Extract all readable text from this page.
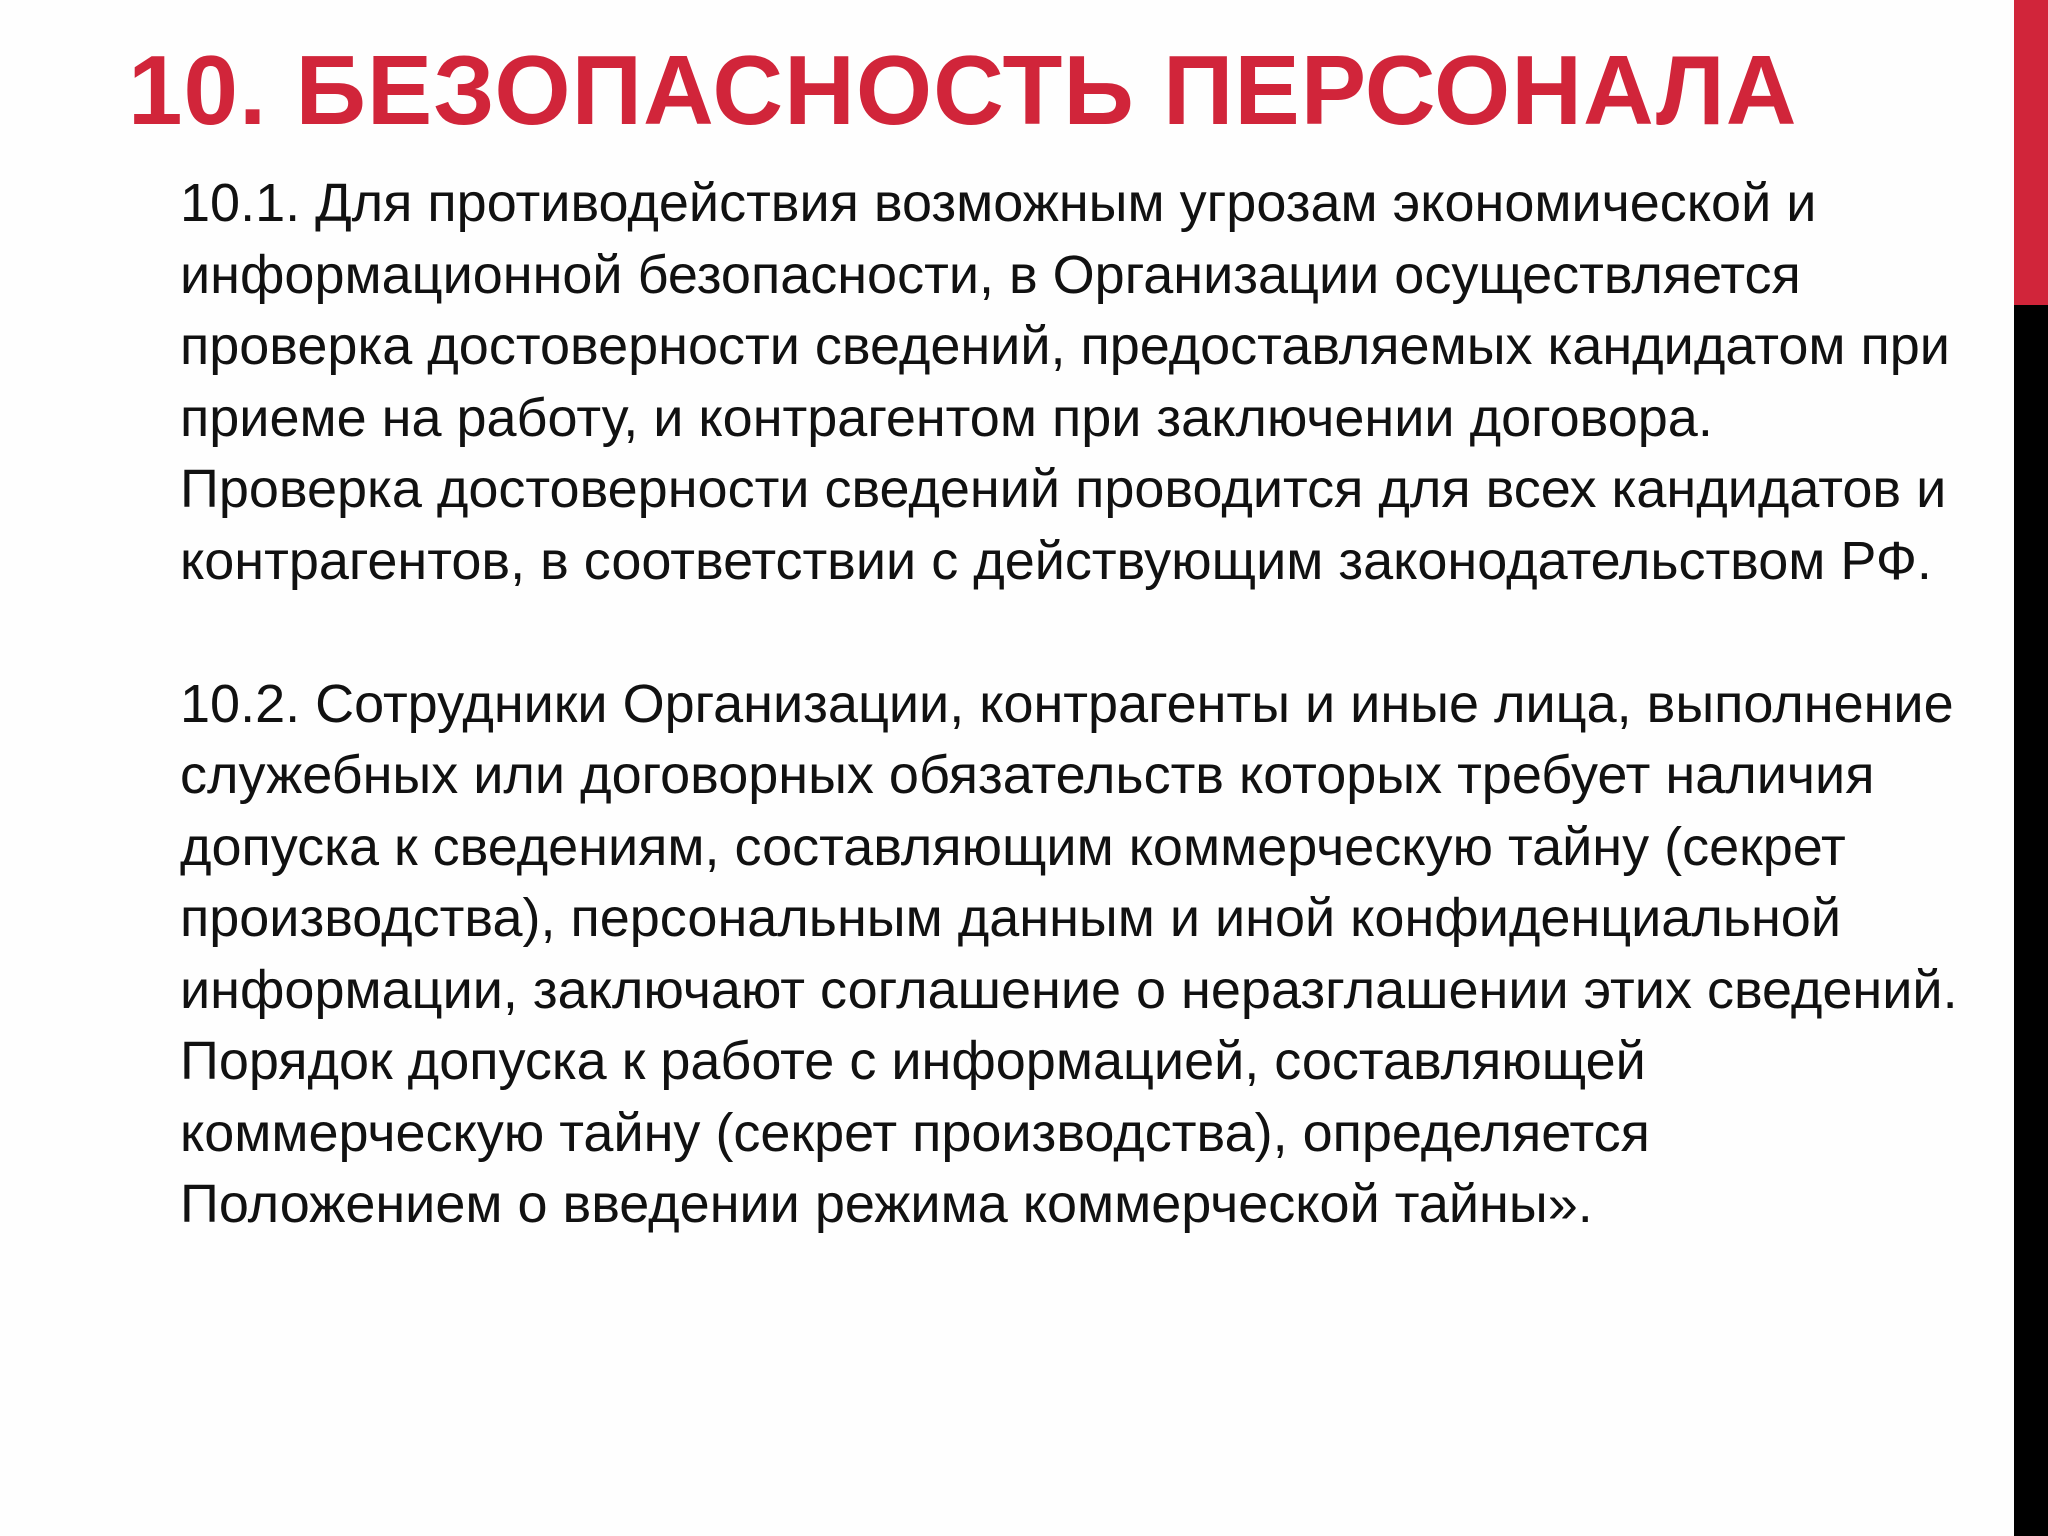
10. БЕЗОПАСНОСТЬ ПЕРСОНАЛА

10.1. Для противодействия возможным угрозам экономической и информационной безопасности, в Организации осуществляется проверка достоверности сведений, предоставляемых кандидатом при приеме на работу, и контрагентом при заключении договора. Проверка достоверности сведений проводится для всех кандидатов и контрагентов, в соответствии с действующим законодательством РФ.

10.2. Сотрудники Организации, контрагенты и иные лица, выполнение служебных или договорных обязательств которых требует наличия допуска к сведениям, составляющим коммерческую тайну (секрет производства), персональным данным и иной конфиденциальной информации, заключают соглашение о неразглашении этих сведений. Порядок допуска к работе с информацией, составляющей коммерческую тайну (секрет производства), определяется Положением о введении режима коммерческой тайны».
